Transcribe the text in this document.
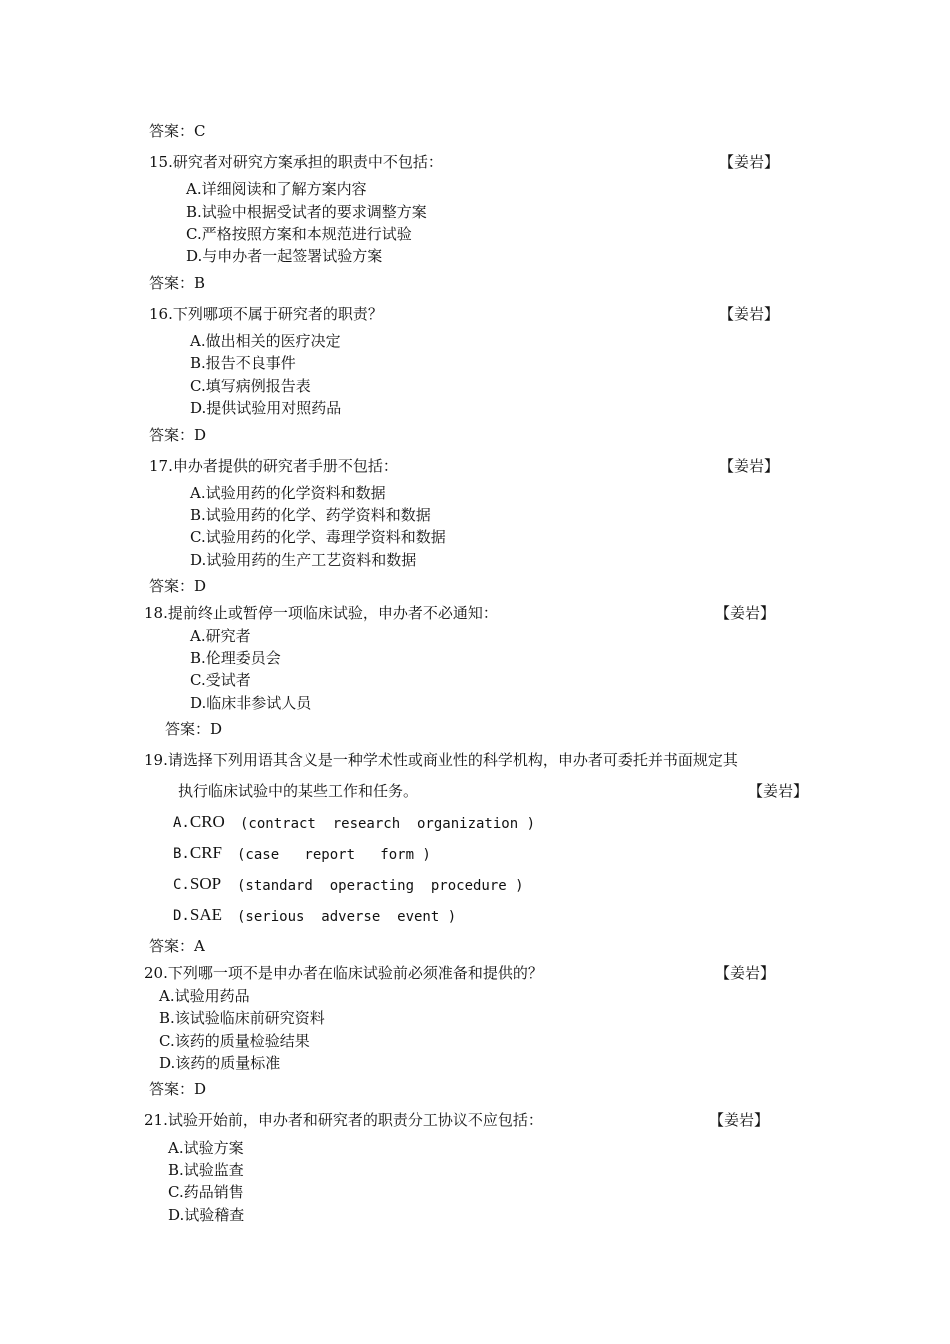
答案：C
15.研究者对研究方案承担的职责中不包括：	【姜岩】
A.详细阅读和了解方案内容
B.试验中根据受试者的要求调整方案
C.严格按照方案和本规范进行试验
D.与申办者一起签署试验方案
答案：B
16.下列哪项不属于研究者的职责？	【姜岩】
A.做出相关的医疗决定
B.报告不良事件
C.填写病例报告表
D.提供试验用对照药品
答案：D
17.申办者提供的研究者手册不包括：	【姜岩】
A.试验用药的化学资料和数据
B.试验用药的化学、药学资料和数据
C.试验用药的化学、毒理学资料和数据
D.试验用药的生产工艺资料和数据
答案：D
18.提前终止或暂停一项临床试验，申办者不必通知：	【姜岩】
A.研究者
B.伦理委员会
C.受试者
D.临床非参试人员
答案：D
19.请选择下列用语其含义是一种学术性或商业性的科学机构，申办者可委托并书面规定其
执行临床试验中的某些工作和任务。	【姜岩】
A.CRO (contract  research  organization )
B.CRF (case   report   form )
C.SOP (standard  operacting  procedure )
D.SAE (serious  adverse  event )
答案：A
20.下列哪一项不是申办者在临床试验前必须准备和提供的？	【姜岩】
A.试验用药品
B.该试验临床前研究资料
C.该药的质量检验结果
D.该药的质量标准
答案：D
21.试验开始前，申办者和研究者的职责分工协议不应包括：	【姜岩】
A.试验方案
B.试验监查
C.药品销售
D.试验稽查
